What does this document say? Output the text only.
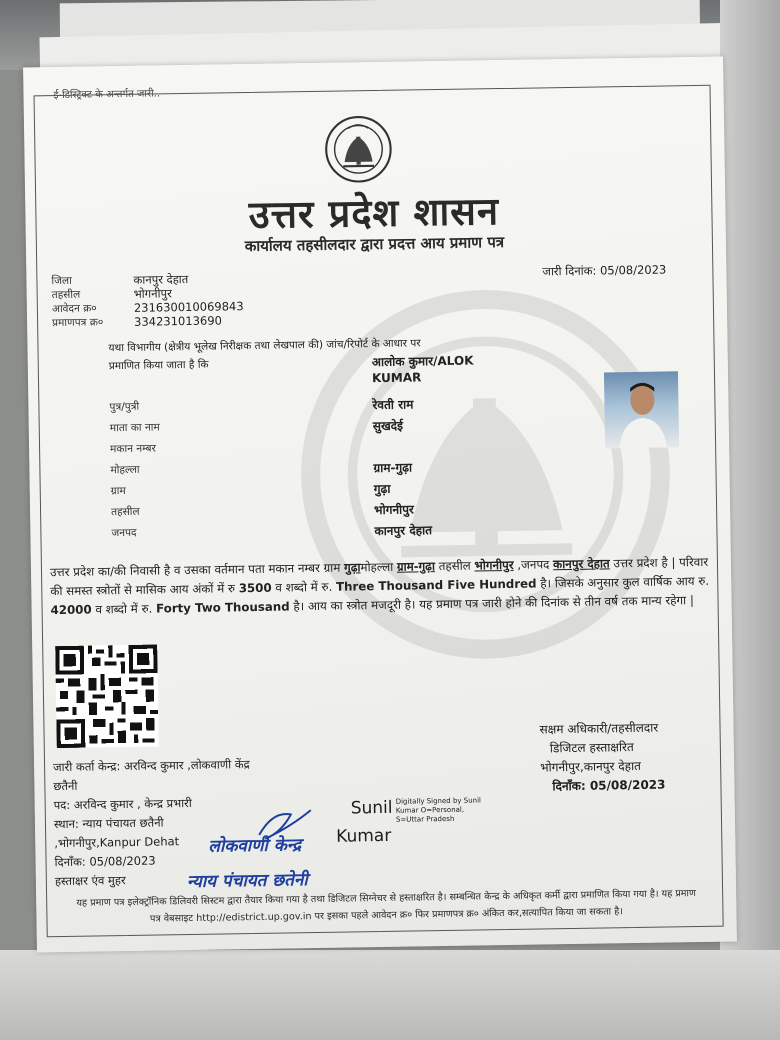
ई-डिस्ट्रिक्ट के अन्तर्गत जारी..
उत्तर प्रदेश शासन
कार्यालय तहसीलदार द्वारा प्रदत्त आय प्रमाण पत्र
जिला	कानपुर देहात
तहसील	भोगनीपुर
आवेदन क्र०	231630010069843
प्रमाणपत्र क्र०	334231013690
जारी दिनांक: 05/08/2023
यथा विभागीय (क्षेत्रीय भूलेख निरीक्षक तथा लेखपाल की) जांच/रिपोर्ट के आधार पर
प्रमाणित किया जाता है कि	आलोक कुमार/ALOK
KUMAR
पुत्र/पुत्री	रेवती राम
माता का नाम	सुखदेई
मकान नम्बर
मोहल्ला	ग्राम-गुढ़ा
ग्राम	गुढ़ा
तहसील	भोगनीपुर
जनपद	कानपुर देहात
उत्तर प्रदेश का/की निवासी है व उसका वर्तमान पता मकान नम्बर ग्राम गुढ़ामोहल्ला ग्राम-गुढ़ा तहसील भोगनीपुर ,जनपद कानपुर देहात उत्तर प्रदेश है | परिवार की समस्त स्त्रोतों से मासिक आय अंकों में रु 3500 व शब्दो में रु. Three Thousand Five Hundred है। जिसके अनुसार कुल वार्षिक आय रु. 42000 व शब्दो में रु. Forty Two Thousand है। आय का स्त्रोत मजदूरी है। यह प्रमाण पत्र जारी होने की दिनांक से तीन वर्ष तक मान्य रहेगा |
जारी कर्ता केन्द्र: अरविन्द कुमार ,लोकवाणी केंद्र
छतैनी
पद: अरविन्द कुमार , केन्द्र प्रभारी
स्थान: न्याय पंचायत छतैनी
,भोगनीपुर,Kanpur Dehat
दिनाँक: 05/08/2023
हस्ताक्षर एंव मुहर
सक्षम अधिकारी/तहसीलदार
डिजिटल हस्ताक्षरित
भोगनीपुर,कानपुर देहात
दिनाँक: 05/08/2023
Sunil Digitally Signed by Sunil
Kumar O=Personal,
S=Uttar Pradesh
Kumar
लोकवाणी केन्द्र
न्याय पंचायत छतेनी
यह प्रमाण पत्र इलेक्ट्रॉनिक डिलिवरी सिस्टम द्वारा तैयार किया गया है तथा डिजिटल सिग्नेचर से हस्ताक्षरित है। सम्बन्धित केन्द्र के अधिकृत कर्मी द्वारा प्रमाणित किया गया है। यह प्रमाण
पत्र वेबसाइट http://edistrict.up.gov.in पर इसका पहले आवेदन क्र० फिर प्रमाणपत्र क्र० अंकित कर,सत्यापित किया जा सकता है।
